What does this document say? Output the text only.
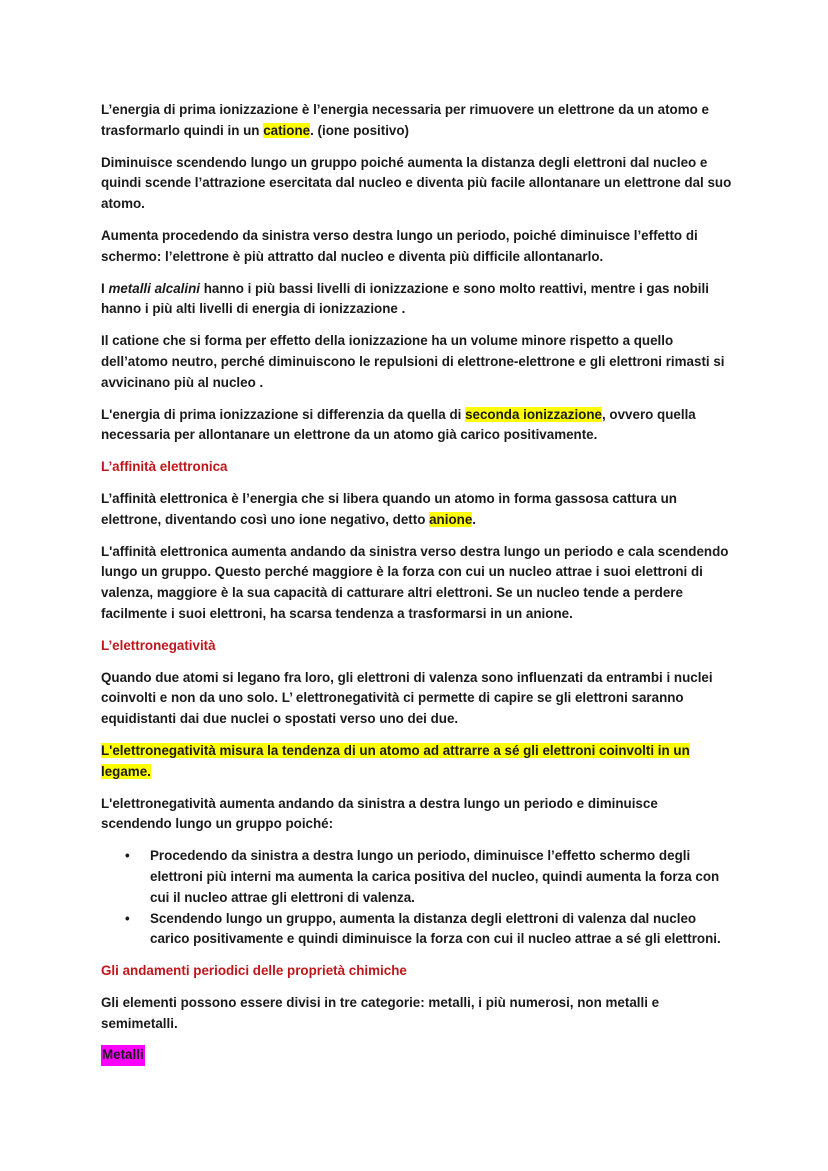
L’energia di prima ionizzazione è l’energia necessaria per rimuovere un elettrone da un atomo e trasformarlo quindi in un catione. (ione positivo)

Diminuisce scendendo lungo un gruppo poiché aumenta la distanza degli elettroni dal nucleo e quindi scende l’attrazione esercitata dal nucleo e diventa più facile allontanare un elettrone dal suo atomo.

Aumenta procedendo da sinistra verso destra lungo un periodo, poiché diminuisce l’effetto di schermo: l’elettrone è più attratto dal nucleo e diventa più difficile allontanarlo.

I metalli alcalini hanno i più bassi livelli di ionizzazione e sono molto reattivi, mentre i gas nobili hanno i più alti livelli di energia di ionizzazione .

Il catione che si forma per effetto della ionizzazione ha un volume minore rispetto a quello dell’atomo neutro, perché diminuiscono le repulsioni di elettrone-elettrone e gli elettroni rimasti si avvicinano più al nucleo .

L'energia di prima ionizzazione si differenzia da quella di seconda ionizzazione, ovvero quella necessaria per allontanare un elettrone da un atomo già carico positivamente.

L’affinità elettronica

L’affinità elettronica è l’energia che si libera quando un atomo in forma gassosa cattura un elettrone, diventando così uno ione negativo, detto anione.

L'affinità elettronica aumenta andando da sinistra verso destra lungo un periodo e cala scendendo lungo un gruppo. Questo perché maggiore è la forza con cui un nucleo attrae i suoi elettroni di valenza, maggiore è la sua capacità di catturare altri elettroni. Se un nucleo tende a perdere facilmente i suoi elettroni, ha scarsa tendenza a trasformarsi in un anione.

L’elettronegatività

Quando due atomi si legano fra loro, gli elettroni di valenza sono influenzati da entrambi i nuclei coinvolti e non da uno solo. L’ elettronegatività ci permette di capire se gli elettroni saranno equidistanti dai due nuclei o spostati verso uno dei due.

L'elettronegatività misura la tendenza di un atomo ad attrarre a sé gli elettroni coinvolti in un legame.

L'elettronegatività aumenta andando da sinistra a destra lungo un periodo e diminuisce scendendo lungo un gruppo poiché:

• Procedendo da sinistra a destra lungo un periodo, diminuisce l’effetto schermo degli elettroni più interni ma aumenta la carica positiva del nucleo, quindi aumenta la forza con cui il nucleo attrae gli elettroni di valenza.
• Scendendo lungo un gruppo, aumenta la distanza degli elettroni di valenza dal nucleo carico positivamente e quindi diminuisce la forza con cui il nucleo attrae a sé gli elettroni.
Gli andamenti periodici delle proprietà chimiche

Gli elementi possono essere divisi in tre categorie: metalli, i più numerosi, non metalli e semimetalli.

Metalli
